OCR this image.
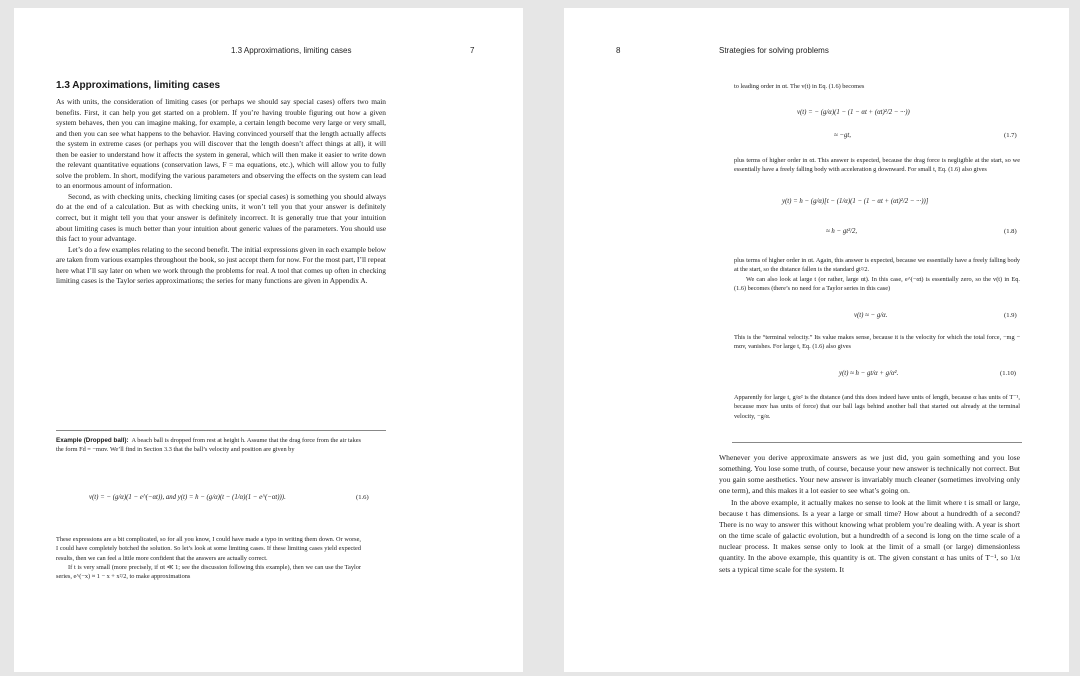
1.3 Approximations, limiting cases	7
1.3 Approximations, limiting cases

As with units, the consideration of limiting cases (or perhaps we should say special cases) offers two main benefits. First, it can help you get started on a problem. If you’re having trouble figuring out how a given system behaves, then you can imagine making, for example, a certain length become very large or very small, and then you can see what happens to the behavior. Having convinced yourself that the length actually affects the system in extreme cases (or perhaps you will discover that the length doesn’t affect things at all), it will then be easier to understand how it affects the system in general, which will then make it easier to write down the relevant quantitative equations (conservation laws, F = ma equations, etc.), which will allow you to fully solve the problem. In short, modifying the various parameters and observing the effects on the system can lead to an enormous amount of information.

Second, as with checking units, checking limiting cases (or special cases) is something you should always do at the end of a calculation. But as with checking units, it won’t tell you that your answer is definitely correct, but it might tell you that your answer is definitely incorrect. It is generally true that your intuition about limiting cases is much better than your intuition about generic values of the parameters. You should use this fact to your advantage.

Let’s do a few examples relating to the second benefit. The initial expressions given in each example below are taken from various examples throughout the book, so just accept them for now. For the most part, I’ll repeat here what I’ll say later on when we work through the problems for real. A tool that comes up often in checking limiting cases is the Taylor series approximations; the series for many functions are given in Appendix A.

Example (Dropped ball): A beach ball is dropped from rest at height h. Assume that the drag force from the air takes the form Fd = −mαv. We’ll find in Section 3.3 that the ball’s velocity and position are given by

v(t) = − (g/α)(1 − e^(−αt)), and y(t) = h − (g/α)(t − (1/α)(1 − e^(−αt))).	(1.6)

These expressions are a bit complicated, so for all you know, I could have made a typo in writing them down. Or worse, I could have completely botched the solution. So let’s look at some limiting cases. If these limiting cases yield expected results, then we can feel a little more confident that the answers are actually correct.

If t is very small (more precisely, if αt ≪ 1; see the discussion following this example), then we can use the Taylor series, e^(−x) ≈ 1 − x + x²/2, to make approximations

8	Strategies for solving problems
to leading order in αt. The v(t) in Eq. (1.6) becomes
v(t) = − (g/α)(1 − (1 − αt + (αt)²/2 − ···))
≈ −gt,	(1.7)
plus terms of higher order in αt. This answer is expected, because the drag force is negligible at the start, so we essentially have a freely falling body with acceleration g downward. For small t, Eq. (1.6) also gives
y(t) = h − (g/α)[t − (1/α)(1 − (1 − αt + (αt)²/2 − ···))]
≈ h − gt²/2,	(1.8)

plus terms of higher order in αt. Again, this answer is expected, because we essentially have a freely falling body at the start, so the distance fallen is the standard gt²/2.

We can also look at large t (or rather, large αt). In this case, e^(−αt) is essentially zero, so the v(t) in Eq. (1.6) becomes (there’s no need for a Taylor series in this case)

v(t) ≈ − g/α.	(1.9)
This is the “terminal velocity.” Its value makes sense, because it is the velocity for which the total force, −mg − mαv, vanishes. For large t, Eq. (1.6) also gives
y(t) ≈ h − gt/α + g/α².	(1.10)
Apparently for large t, g/α² is the distance (and this does indeed have units of length, because α has units of T⁻¹, because mαv has units of force) that our ball lags behind another ball that started out already at the terminal velocity, −g/α.

Whenever you derive approximate answers as we just did, you gain something and you lose something. You lose some truth, of course, because your new answer is technically not correct. But you gain some aesthetics. Your new answer is invariably much cleaner (sometimes involving only one term), and this makes it a lot easier to see what’s going on.

In the above example, it actually makes no sense to look at the limit where t is small or large, because t has dimensions. Is a year a large or small time? How about a hundredth of a second? There is no way to answer this without knowing what problem you’re dealing with. A year is short on the time scale of galactic evolution, but a hundredth of a second is long on the time scale of a nuclear process. It makes sense only to look at the limit of a small (or large) dimensionless quantity. In the above example, this quantity is αt. The given constant α has units of T⁻¹, so 1/α sets a typical time scale for the system. It
